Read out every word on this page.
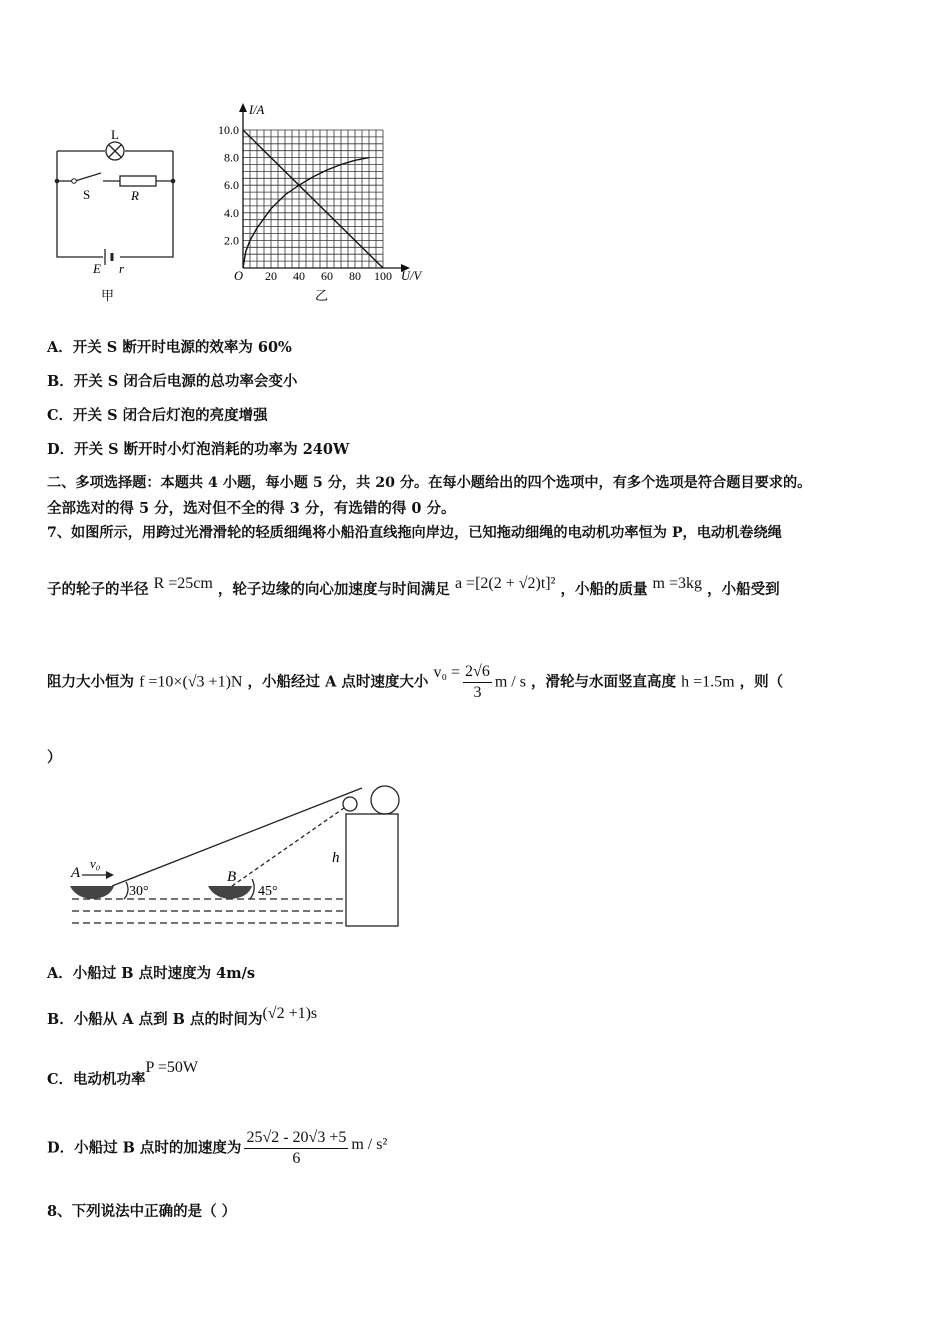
L
S	R
E r
甲
2.0
4.0
6.0
8.0
10.0
20 40 60 80 100
I/A
U/V
O
乙
A．开关 S 断开时电源的效率为 60%
B．开关 S 闭合后电源的总功率会变小
C．开关 S 闭合后灯泡的亮度增强
D．开关 S 断开时小灯泡消耗的功率为 240W
二、多项选择题：本题共 4 小题，每小题 5 分，共 20 分。在每小题给出的四个选项中，有多个选项是符合题目要求的。
全部选对的得 5 分，选对但不全的得 3 分，有选错的得 0 分。
7、如图所示，用跨过光滑滑轮的轻质细绳将小船沿直线拖向岸边，已知拖动细绳的电动机功率恒为 P，电动机卷绕绳
子的轮子的半径 R =25cm ，轮子边缘的向心加速度与时间满足 a =[2(2 + √2)t]² ，小船的质量 m =3kg ，小船受到
阻力大小恒为 f =10×(√3 +1)N ，小船经过 A 点时速度大小 $v_0 = \frac{2√6}{3}$ m / s ，滑轮与水面竖直高度 h =1.5m ，则（
）
A
v₀
30°
B
45°
h
A．小船过 B 点时速度为 4m/s
B．小船从 A 点到 B 点的时间为(√2 +1)s
C．电动机功率P =50W
D．小船过 B 点时的加速度为 $\frac{25√2 - 20√3 +5}{6}$ m / s²
8、下列说法中正确的是（ ）
